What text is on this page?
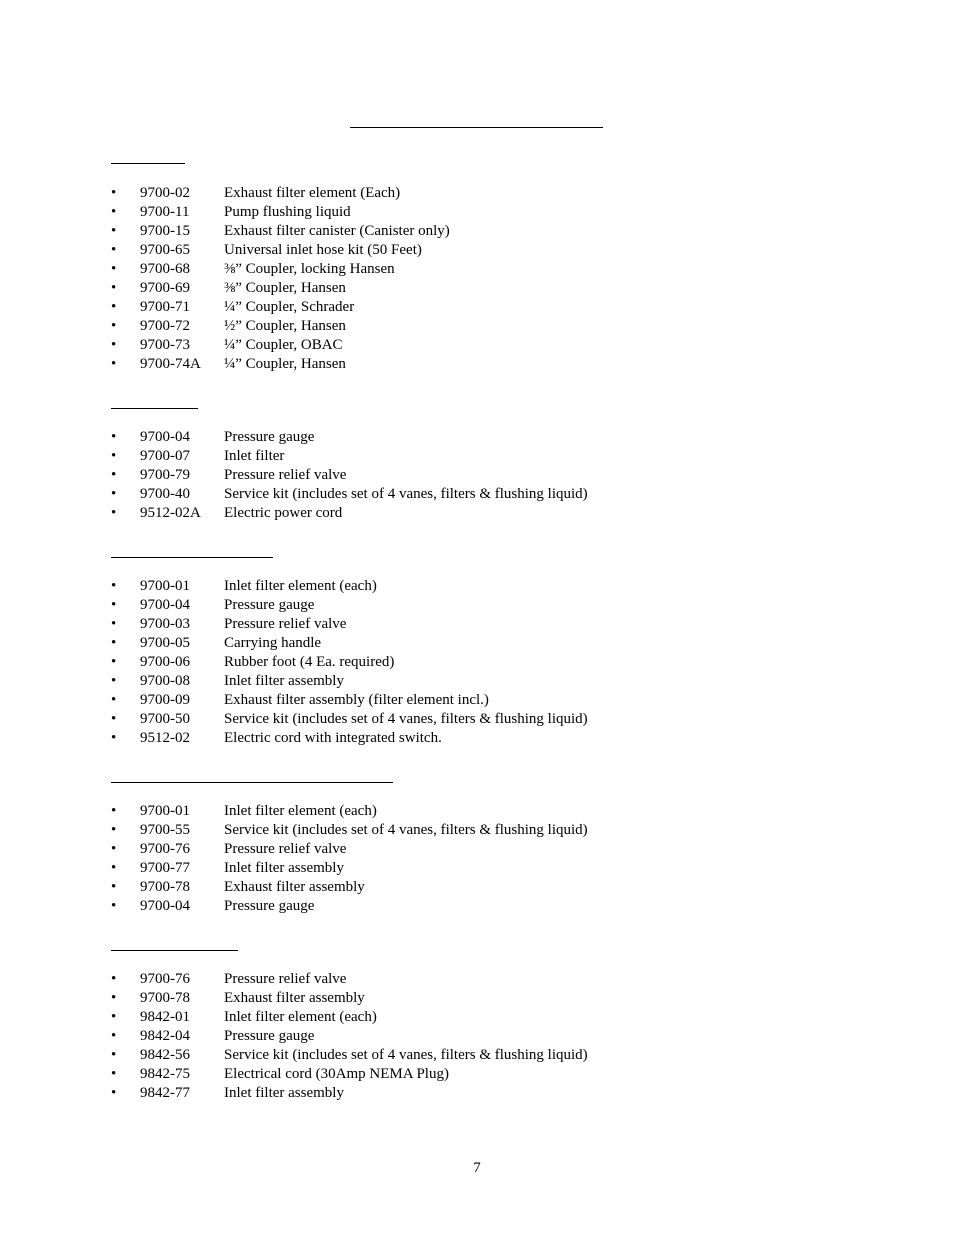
•	9700-02 Exhaust filter element (Each)
•	9700-11 Pump flushing liquid
•	9700-15 Exhaust filter canister (Canister only)
•	9700-65 Universal inlet hose kit (50 Feet)
•	9700-68 ⅜” Coupler, locking Hansen
•	9700-69 ⅜” Coupler, Hansen
•	9700-71 ¼” Coupler, Schrader
•	9700-72 ½” Coupler, Hansen
•	9700-73 ¼” Coupler, OBAC
•	9700-74A ¼” Coupler, Hansen
•	9700-04 Pressure gauge
•	9700-07 Inlet filter
•	9700-79 Pressure relief valve
•	9700-40 Service kit (includes set of 4 vanes, filters & flushing liquid)
•	9512-02A Electric power cord
•	9700-01 Inlet filter element (each)
•	9700-04 Pressure gauge
•	9700-03 Pressure relief valve
•	9700-05 Carrying handle
•	9700-06 Rubber foot (4 Ea. required)
•	9700-08 Inlet filter assembly
•	9700-09 Exhaust filter assembly (filter element incl.)
•	9700-50 Service kit (includes set of 4 vanes, filters & flushing liquid)
•	9512-02 Electric cord with integrated switch.
•	9700-01 Inlet filter element (each)
•	9700-55 Service kit (includes set of 4 vanes, filters & flushing liquid)
•	9700-76 Pressure relief valve
•	9700-77 Inlet filter assembly
•	9700-78 Exhaust filter assembly
•	9700-04 Pressure gauge
•	9700-76 Pressure relief valve
•	9700-78 Exhaust filter assembly
•	9842-01 Inlet filter element (each)
•	9842-04 Pressure gauge
•	9842-56 Service kit (includes set of 4 vanes, filters & flushing liquid)
•	9842-75 Electrical cord (30Amp NEMA Plug)
•	9842-77 Inlet filter assembly
7
